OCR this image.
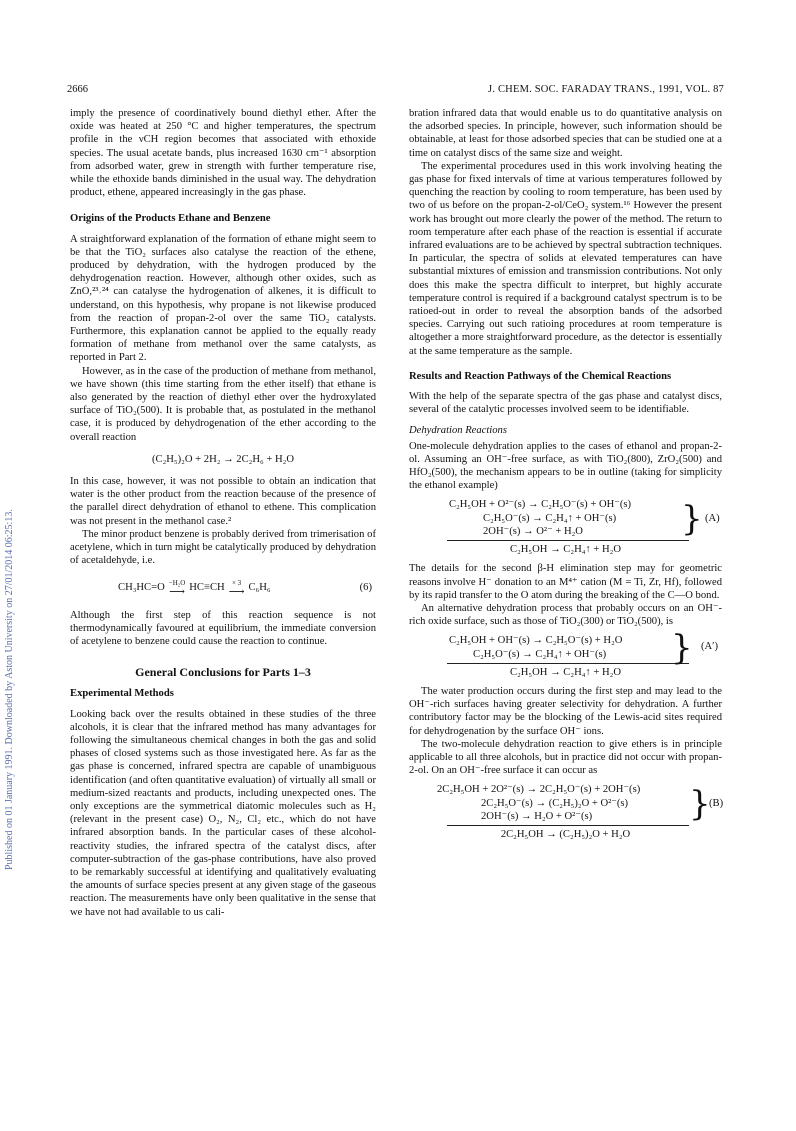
2666	J. CHEM. SOC. FARADAY TRANS., 1991, VOL. 87
Published on 01 January 1991. Downloaded by Aston University on 27/01/2014 06:25:13.

imply the presence of coordinatively bound diethyl ether. After the oxide was heated at 250 °C and higher temperatures, the spectrum profile in the νCH region becomes that associated with ethoxide species. The usual acetate bands, plus increased 1630 cm⁻¹ absorption from adsorbed water, grew in strength with further temperature rise, while the ethoxide bands diminished in the usual way. The dehydration product, ethene, appeared increasingly in the gas phase.

Origins of the Products Ethane and Benzene

A straightforward explanation of the formation of ethane might seem to be that the TiO₂ surfaces also catalyse the reaction of the ethene, produced by dehydration, with the hydrogen produced by the dehydrogenation reaction. However, although other oxides, such as ZnO,²³˒²⁴ can catalyse the hydrogenation of alkenes, it is difficult to understand, on this hypothesis, why propane is not likewise produced from the reaction of propan-2-ol over the same TiO₂ catalysts. Furthermore, this explanation cannot be applied to the equally ready formation of methane from methanol over the same catalysts, as reported in Part 2.

However, as in the case of the production of methane from methanol, we have shown (this time starting from the ether itself) that ethane is also generated by the reaction of diethyl ether over the hydroxylated surface of TiO₂(500). It is probable that, as postulated in the methanol case, it is produced by dehydrogenation of the ether according to the overall reaction

(C₂H₅)₂O + 2H₂ → 2C₂H₆ + H₂O

In this case, however, it was not possible to obtain an indication that water is the other product from the reaction because of the presence of the parallel direct dehydration of ethanol to ethene. This complication was not present in the methanol case.²

The minor product benzene is probably derived from trimerisation of acetylene, which in turn might be catalytically produced by dehydration of acetaldehyde, i.e.

CH₃HC=O −H₂O
⟶ HC≡CH × 3
⟶ C₆H₆	(6)

Although the first step of this reaction sequence is not thermodynamically favoured at equilibrium, the immediate conversion of acetylene to benzene could cause the reaction to continue.

General Conclusions for Parts 1–3
Experimental Methods

Looking back over the results obtained in these studies of the three alcohols, it is clear that the infrared method has many advantages for following the simultaneous chemical changes in both the gas and solid phases of closed systems such as those investigated here. As far as the gas phase is concerned, infrared spectra are capable of unambiguous identification (and often quantitative evaluation) of virtually all small or medium-sized reactants and products, including unexpected ones. The only exceptions are the symmetrical diatomic molecules such as H₂ (relevant in the present case) O₂, N₂, Cl₂ etc., which do not have infrared absorption bands. In the particular cases of these alcohol-reactivity studies, the infrared spectra of the catalyst discs, after computer-subtraction of the gas-phase contributions, have also proved to be remarkably successful at identifying and qualitatively evaluating the amounts of surface species present at any given stage of the gaseous reaction. The measurements have only been qualitative in the sense that we have not had available to us cali-

bration infrared data that would enable us to do quantitative analysis on the adsorbed species. In principle, however, such information should be obtainable, at least for those adsorbed species that can be studied one at a time on catalyst discs of the same size and weight.

The experimental procedures used in this work involving heating the gas phase for fixed intervals of time at various temperatures followed by quenching the reaction by cooling to room temperature, has been used by two of us before on the propan-2-ol/CeO₂ system.¹⁶ However the present work has brought out more clearly the power of the method. The return to room temperature after each phase of the reaction is essential if accurate infrared evaluations are to be achieved by spectral subtraction techniques. In particular, the spectra of solids at elevated temperatures can have substantial mixtures of emission and transmission contributions. Not only does this make the spectra difficult to interpret, but highly accurate temperature control is required if a background catalyst spectrum is to be ratioed-out in order to reveal the absorption bands of the adsorbed species. Carrying out such ratioing procedures at room temperature is altogether a more straightforward procedure, as the detector is essentially at the same temperature as the sample.

Results and Reaction Pathways of the Chemical Reactions

With the help of the separate spectra of the gas phase and catalyst discs, several of the catalytic processes involved seem to be identifiable.

Dehydration Reactions

One-molecule dehydration applies to the cases of ethanol and propan-2-ol. Assuming an OH⁻-free surface, as with TiO₂(800), ZrO₂(500) and HfO₂(500), the mechanism appears to be in outline (taking for simplicity the ethanol example)

C₂H₅OH + O²⁻(s) → C₂H₅O⁻(s) + OH⁻(s)
C₂H₅O⁻(s) → C₂H₄↑ + OH⁻(s)
2OH⁻(s) → O²⁻ + H₂O	} (A)
C₂H₅OH → C₂H₄↑ + H₂O

The details for the second β-H elimination step may for geometric reasons involve H⁻ donation to an M⁴⁺ cation (M = Ti, Zr, Hf), followed by its rapid transfer to the O atom during the breaking of the C—O bond.

An alternative dehydration process that probably occurs on an OH⁻-rich oxide surface, such as those of TiO₂(300) or TiO₂(500), is

C₂H₅OH + OH⁻(s) → C₂H₅O⁻(s) + H₂O
C₂H₅O⁻(s) → C₂H₄↑ + OH⁻(s)	} (A′)
C₂H₅OH → C₂H₄↑ + H₂O

The water production occurs during the first step and may lead to the OH⁻-rich surfaces having greater selectivity for dehydration. A further contributory factor may be the blocking of the Lewis-acid sites required for dehydrogenation by the surface OH⁻ ions.

The two-molecule dehydration reaction to give ethers is in principle applicable to all three alcohols, but in practice did not occur with propan-2-ol. On an OH⁻-free surface it can occur as

2C₂H₅OH + 2O²⁻(s) → 2C₂H₅O⁻(s) + 2OH⁻(s)
2C₂H₅O⁻(s) → (C₂H₅)₂O + O²⁻(s)
2OH⁻(s) → H₂O + O²⁻(s)	}
(B)
2C₂H₅OH → (C₂H₅)₂O + H₂O
